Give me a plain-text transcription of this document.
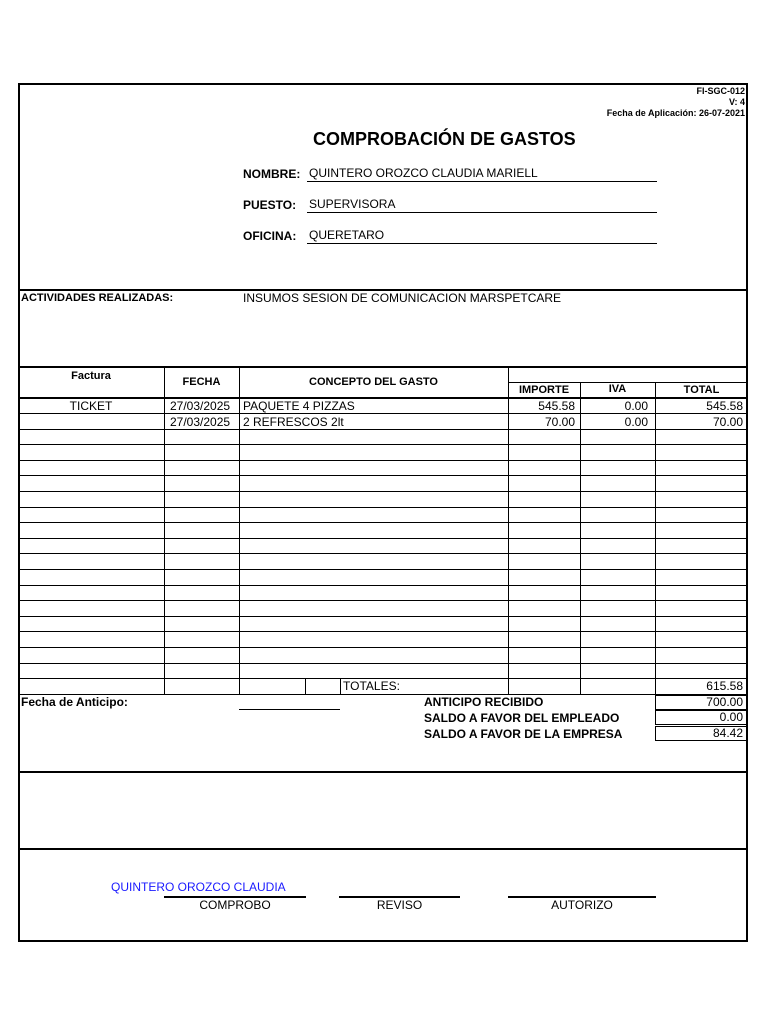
FI-SGC-012
V: 4
Fecha de Aplicación: 26-07-2021
COMPROBACIÓN DE GASTOS
NOMBRE: QUINTERO OROZCO CLAUDIA MARIELL
PUESTO: SUPERVISORA
OFICINA: QUERETARO
ACTIVIDADES REALIZADAS:	INSUMOS SESION DE COMUNICACION MARSPETCARE
Factura	FECHA	CONCEPTO DEL GASTO
IMPORTE	IVA	TOTAL
TICKET	27/03/2025 PAQUETE 4 PIZZAS	545.58	0.00	545.58
27/03/2025 2 REFRESCOS 2lt	70.00	0.00	70.00
TOTALES:	615.58
Fecha de Anticipo:	ANTICIPO RECIBIDO	700.00
SALDO A FAVOR DEL EMPLEADO	0.00
SALDO A FAVOR DE LA EMPRESA	84.42
QUINTERO OROZCO CLAUDIA
COMPROBO	REVISO	AUTORIZO
